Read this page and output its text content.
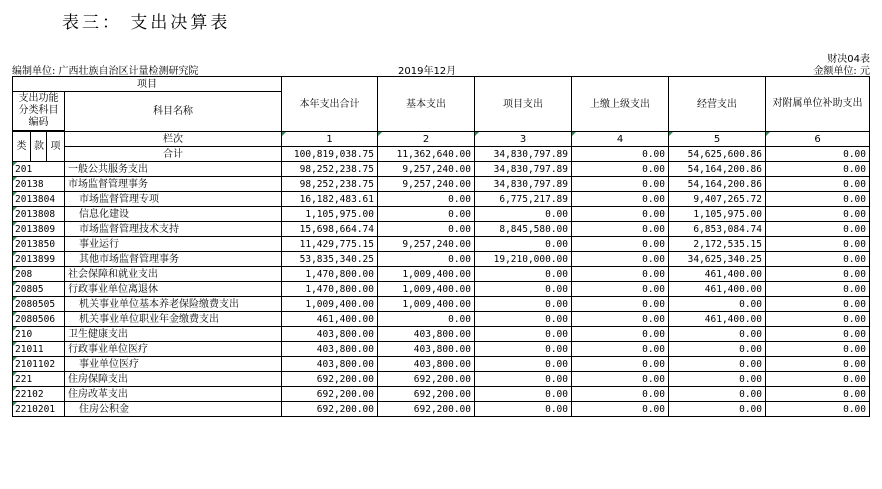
表三： 支出决算表
财决04表
编制单位: 广西壮族自治区计量检测研究院	2019年12月	金额单位: 元
项目				本年支出合计	基本支出	项目支出	上缴上级支出	经营支出	对附属单位补助支出
支出功能分类科目编码			科目名称						

类	款	项	栏次	1	2	3	4	5	6
			合计	100,819,038.75	11,362,640.00	34,830,797.89	0.00	54,625,600.86	0.00
201			一般公共服务支出	98,252,238.75	9,257,240.00	34,830,797.89	0.00	54,164,200.86	0.00
20138			市场监督管理事务	98,252,238.75	9,257,240.00	34,830,797.89	0.00	54,164,200.86	0.00
2013804			市场监督管理专项	16,182,483.61	0.00	6,775,217.89	0.00	9,407,265.72	0.00
2013808			信息化建设	1,105,975.00	0.00	0.00	0.00	1,105,975.00	0.00
2013809			市场监督管理技术支持	15,698,664.74	0.00	8,845,580.00	0.00	6,853,084.74	0.00
2013850			事业运行	11,429,775.15	9,257,240.00	0.00	0.00	2,172,535.15	0.00
2013899			其他市场监督管理事务	53,835,340.25	0.00	19,210,000.00	0.00	34,625,340.25	0.00
208			社会保障和就业支出	1,470,800.00	1,009,400.00	0.00	0.00	461,400.00	0.00
20805			行政事业单位离退休	1,470,800.00	1,009,400.00	0.00	0.00	461,400.00	0.00
2080505			机关事业单位基本养老保险缴费支出	1,009,400.00	1,009,400.00	0.00	0.00	0.00	0.00
2080506			机关事业单位职业年金缴费支出	461,400.00	0.00	0.00	0.00	461,400.00	0.00
210			卫生健康支出	403,800.00	403,800.00	0.00	0.00	0.00	0.00
21011			行政事业单位医疗	403,800.00	403,800.00	0.00	0.00	0.00	0.00
2101102			事业单位医疗	403,800.00	403,800.00	0.00	0.00	0.00	0.00
221			住房保障支出	692,200.00	692,200.00	0.00	0.00	0.00	0.00
22102			住房改革支出	692,200.00	692,200.00	0.00	0.00	0.00	0.00
2210201			住房公积金	692,200.00	692,200.00	0.00	0.00	0.00	0.00
